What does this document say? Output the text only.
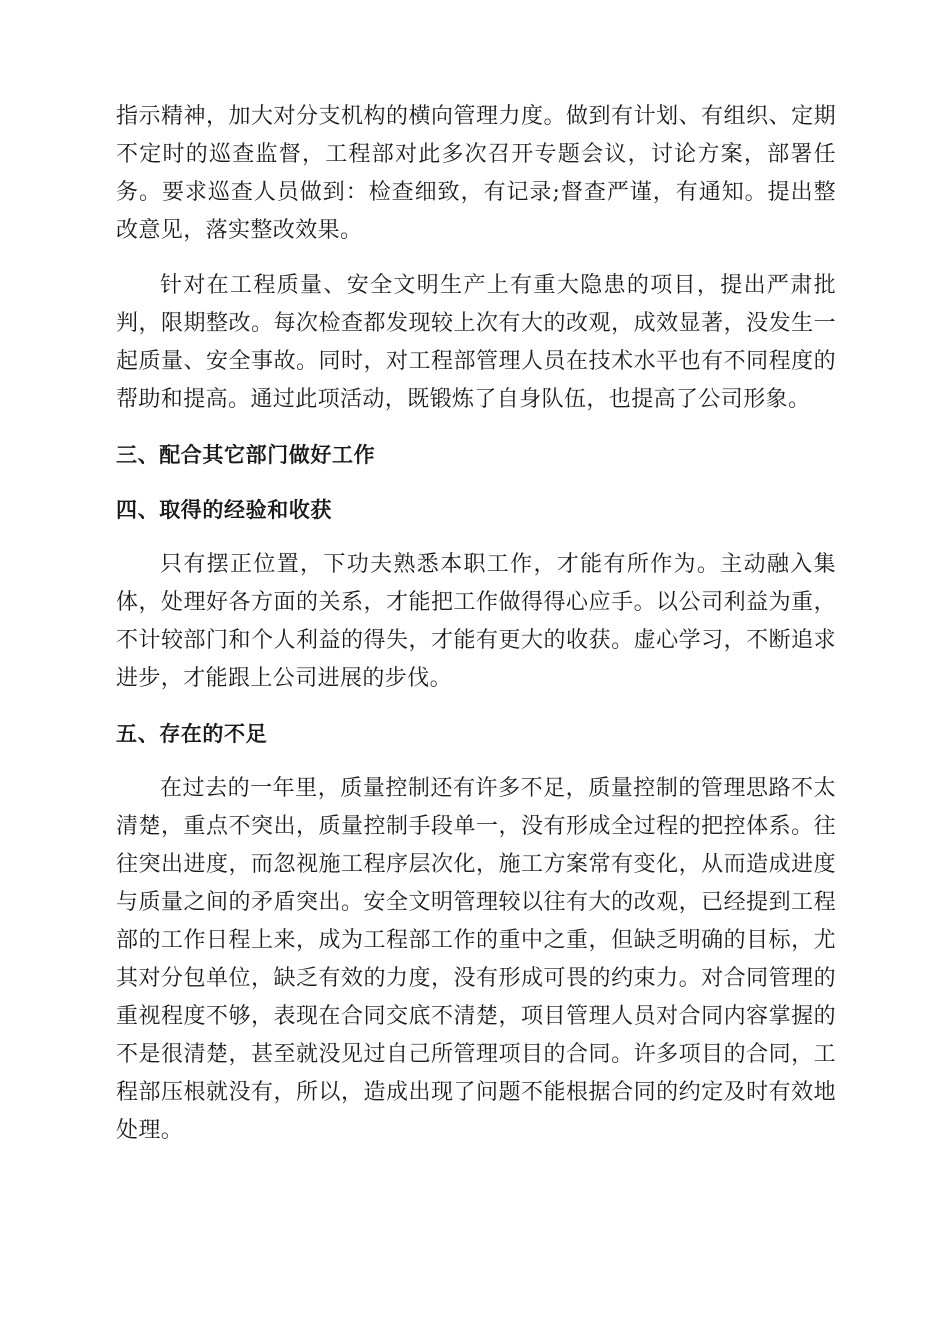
指示精神，加大对分支机构的横向管理力度。做到有计划、有组织、定期不定时的巡查监督，工程部对此多次召开专题会议，讨论方案，部署任务。要求巡查人员做到：检查细致，有记录;督查严谨，有通知。提出整改意见，落实整改效果。

针对在工程质量、安全文明生产上有重大隐患的项目，提出严肃批判，限期整改。每次检查都发现较上次有大的改观，成效显著，没发生一起质量、安全事故。同时，对工程部管理人员在技术水平也有不同程度的帮助和提高。通过此项活动，既锻炼了自身队伍，也提高了公司形象。

三、配合其它部门做好工作
四、取得的经验和收获

只有摆正位置，下功夫熟悉本职工作，才能有所作为。主动融入集体，处理好各方面的关系，才能把工作做得得心应手。以公司利益为重，不计较部门和个人利益的得失，才能有更大的收获。虚心学习，不断追求进步，才能跟上公司进展的步伐。

五、存在的不足

在过去的一年里，质量控制还有许多不足，质量控制的管理思路不太清楚，重点不突出，质量控制手段单一，没有形成全过程的把控体系。往往突出进度，而忽视施工程序层次化，施工方案常有变化，从而造成进度与质量之间的矛盾突出。安全文明管理较以往有大的改观，已经提到工程部的工作日程上来，成为工程部工作的重中之重，但缺乏明确的目标，尤其对分包单位，缺乏有效的力度，没有形成可畏的约束力。对合同管理的重视程度不够，表现在合同交底不清楚，项目管理人员对合同内容掌握的不是很清楚，甚至就没见过自己所管理项目的合同。许多项目的合同，工程部压根就没有，所以，造成出现了问题不能根据合同的约定及时有效地处理。
